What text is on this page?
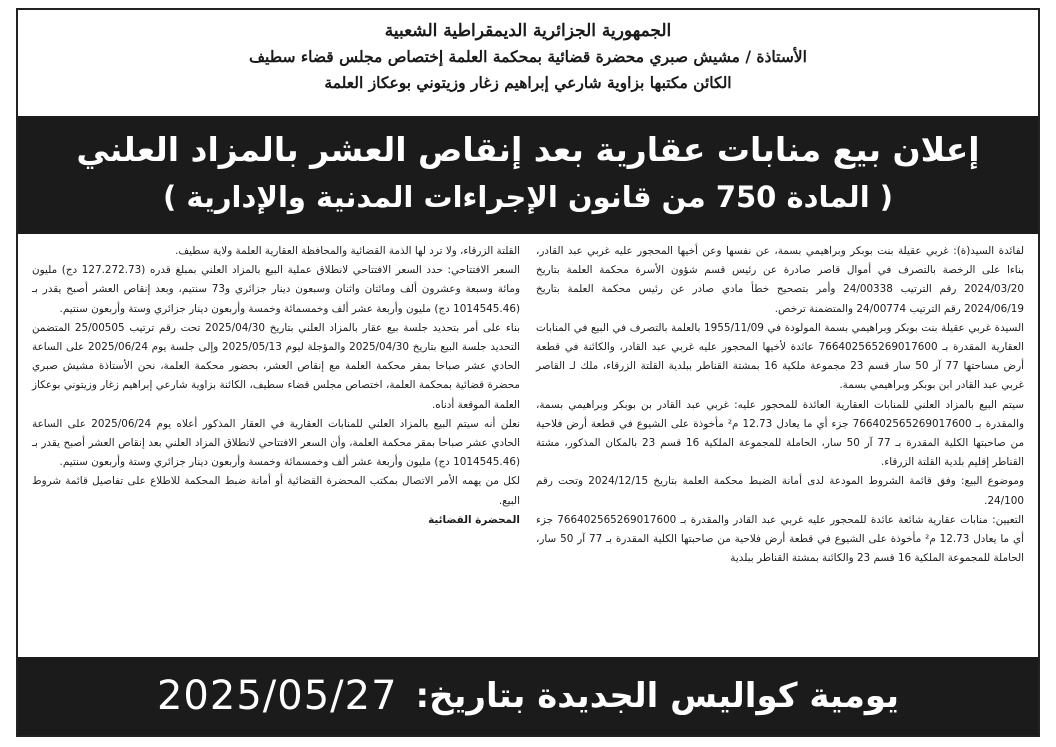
الجمهورية الجزائرية الديمقراطية الشعبية
الأستاذة / مشيش صبري محضرة قضائية بمحكمة العلمة إختصاص مجلس قضاء سطيف
الكائن مكتبها بزاوية شارعي إبراهيم زغار وزيتوني بوعكاز العلمة
إعلان بيع منابات عقارية بعد إنقاص العشر بالمزاد العلني
( المادة 750 من قانون الإجراءات المدنية والإدارية )

لفائدة السيد(ة): غربي عقيلة بنت بوبكر وبراهيمي بسمة، عن نفسها وعن أخيها المحجور عليه غربي عبد القادر، بناءا على الرخصة بالتصرف في أموال قاصر صادرة عن رئيس قسم شؤون الأسرة محكمة العلمة بتاريخ 2024/03/20 رقم الترتيب 24/00338 وأمر بتصحيح خطأ مادي صادر عن رئيس محكمة العلمة بتاريخ 2024/06/19 رقم الترتيب 24/00774 والمتضمنة ترخص.

السيدة غربي عقيلة بنت بوبكر وبراهيمي بسمة المولودة في 1955/11/09 بالعلمة بالتصرف في البيع في المنابات العقارية المقدرة بـ 766402565269017600 عائدة لأخيها المحجور عليه غربي عبد القادر، والكائنة في قطعة أرض مساحتها 77 آر 50 سار قسم 23 مجموعة ملكية 16 بمشتة القناطر ببلدية القلتة الزرقاء، ملك لـ القاصر غربي عبد القادر ابن بوبكر وبراهيمي بسمة.

سيتم البيع بالمزاد العلني للمنابات العقارية العائدة للمحجور عليه: غربي عبد القادر بن بوبكر وبراهيمي بسمة، والمقدرة بـ 766402565269017600 جزء أي ما يعادل 12.73 م² مأخوذة على الشيوع في قطعة أرض فلاحية من صاحبتها الكلية المقدرة بـ 77 آر 50 سار، الحاملة للمجموعة الملكية 16 قسم 23 بالمكان المذكور، مشتة القناطر إقليم بلدية القلتة الزرقاء.

وموضوع البيع: وفق قائمة الشروط المودعة لدى أمانة الضبط محكمة العلمة بتاريخ 2024/12/15 وتحت رقم 24/100.

التعيين: منابات عقارية شائعة عائدة للمحجور عليه غربي عبد القادر والمقدرة بـ 766402565269017600 جزء أي ما يعادل 12.73 م² مأخوذة على الشيوع في قطعة أرض فلاحية من صاحبتها الكلية المقدرة بـ 77 آر 50 سار، الحاملة للمجموعة الملكية 16 قسم 23 والكائنة بمشتة القناطر ببلدية

القلتة الزرقاء، ولا ترد لها الذمة القضائية والمحافظة العقارية العلمة ولاية سطيف.

السعر الافتتاحي: حدد السعر الافتتاحي لانطلاق عملية البيع بالمزاد العلني بمبلغ قدره (127.272.73 دج) مليون ومائة وسبعة وعشرون ألف ومائتان واثنان وسبعون دينار جزائري و73 سنتيم، وبعد إنقاص العشر أصبح يقدر بـ (1014545.46 دج) مليون وأربعة عشر ألف وخمسمائة وخمسة وأربعون دينار جزائري وستة وأربعون سنتيم.

بناء على أمر بتحديد جلسة بيع عقار بالمزاد العلني بتاريخ 2025/04/30 تحت رقم ترتيب 25/00505 المتضمن التحديد جلسة البيع بتاريخ 2025/04/30 والمؤجلة ليوم 2025/05/13 وإلى جلسة يوم 2025/06/24 على الساعة الحادي عشر صباحا بمقر محكمة العلمة مع إنقاص العشر، بحضور محكمة العلمة، نحن الأستاذة مشيش صبري محضرة قضائية بمحكمة العلمة، اختصاص مجلس قضاء سطيف، الكائنة بزاوية شارعي إبراهيم زغار وزيتوني بوعكاز العلمة الموقعة أدناه.

نعلن أنه سيتم البيع بالمزاد العلني للمنابات العقارية في العقار المذكور أعلاه يوم 2025/06/24 على الساعة الحادي عشر صباحا بمقر محكمة العلمة، وأن السعر الافتتاحي لانطلاق المزاد العلني بعد إنقاص العشر أصبح يقدر بـ (1014545.46 دج) مليون وأربعة عشر ألف وخمسمائة وخمسة وأربعون دينار جزائري وستة وأربعون سنتيم.

لكل من يهمه الأمر الاتصال بمكتب المحضرة القضائية أو أمانة ضبط المحكمة للاطلاع على تفاصيل قائمة شروط البيع.

المحضرة القضائية

يومية كواليس الجديدة بتاريخ:
2025/05/27
